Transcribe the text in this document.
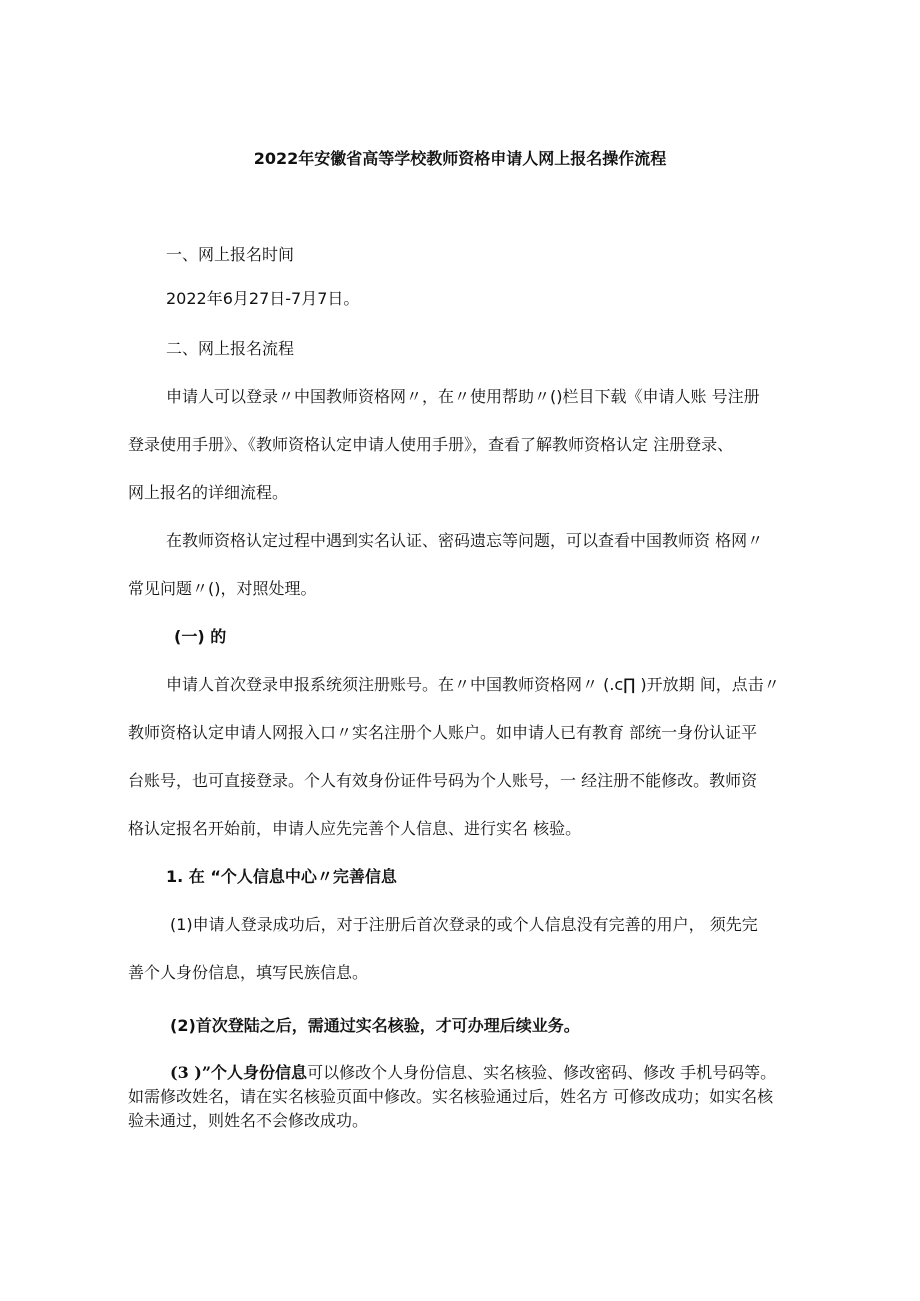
2022年安徽省高等学校教师资格申请人网上报名操作流程
一、网上报名时间
2022年6月27日-7月7日。
二、网上报名流程
申请人可以登录〃中国教师资格网〃，在〃使用帮助〃()栏目下载《申请人账 号注册
登录使用手册》、《教师资格认定申请人使用手册》，查看了解教师资格认定 注册登录、
网上报名的详细流程。
在教师资格认定过程中遇到实名认证、密码遗忘等问题，可以查看中国教师资 格网〃
常见问题〃()，对照处理。
(一) 的
申请人首次登录申报系统须注册账号。在〃中国教师资格网〃 (.c∏ )开放期 间，点击〃
教师资格认定申请人网报入口〃实名注册个人账户。如申请人已有教育 部统一身份认证平
台账号，也可直接登录。个人有效身份证件号码为个人账号，一 经注册不能修改。教师资
格认定报名开始前，申请人应先完善个人信息、进行实名 核验。
1. 在 “个人信息中心〃完善信息
(1)申请人登录成功后，对于注册后首次登录的或个人信息没有完善的用户， 须先完
善个人身份信息，填写民族信息。
(2)首次登陆之后，需通过实名核验，才可办理后续业务。
(3 )”个人身份信息可以修改个人身份信息、实名核验、修改密码、修改 手机号码等。
如需修改姓名，请在实名核验页面中修改。实名核验通过后，姓名方 可修改成功；如实名核
验未通过，则姓名不会修改成功。
